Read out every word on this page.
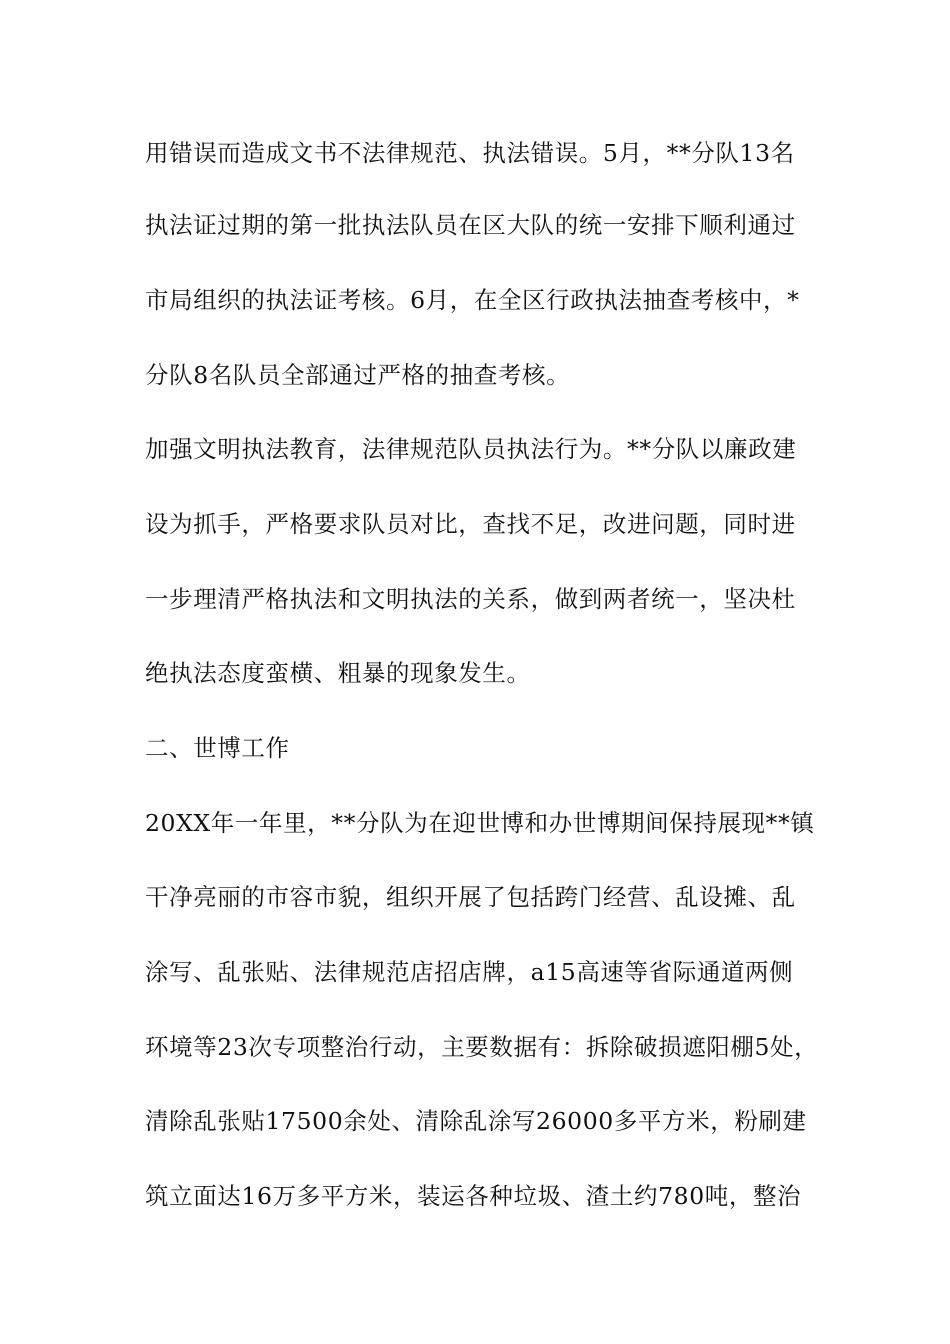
用错误而造成文书不法律规范、执法错误。5月，**分队13名
执法证过期的第一批执法队员在区大队的统一安排下顺利通过
市局组织的执法证考核。6月，在全区行政执法抽查考核中，*
分队8名队员全部通过严格的抽查考核。
加强文明执法教育，法律规范队员执法行为。**分队以廉政建
设为抓手，严格要求队员对比，查找不足，改进问题，同时进
一步理清严格执法和文明执法的关系，做到两者统一，坚决杜
绝执法态度蛮横、粗暴的现象发生。
二、世博工作
20XX年一年里，**分队为在迎世博和办世博期间保持展现**镇
干净亮丽的市容市貌，组织开展了包括跨门经营、乱设摊、乱
涂写、乱张贴、法律规范店招店牌，a15高速等省际通道两侧
环境等23次专项整治行动，主要数据有：拆除破损遮阳棚5处，
清除乱张贴17500余处、清除乱涂写26000多平方米，粉刷建
筑立面达16万多平方米，装运各种垃圾、渣土约780吨，整治
